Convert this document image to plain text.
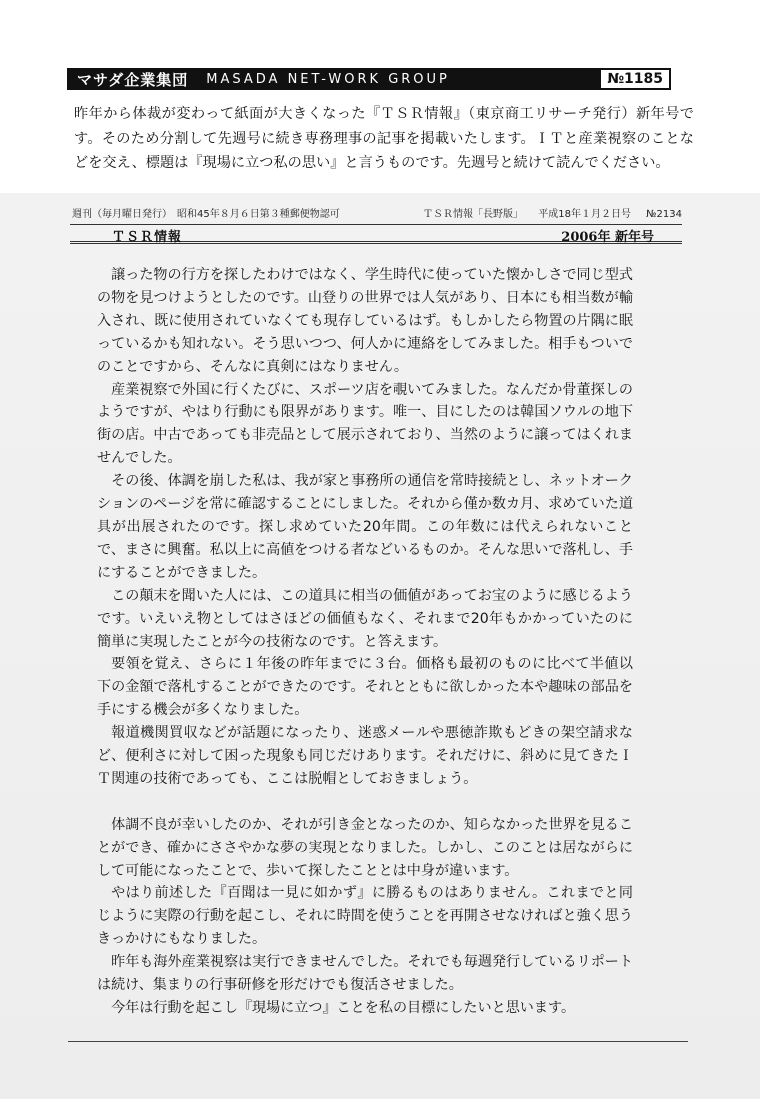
マサダ企業集団	MASADA NET-WORK GROUP	№1185

昨年から体裁が変わって紙面が大きくなった『ＴＳＲ情報』（東京商工リサーチ発行）新年号です。そのため分割して先週号に続き専務理事の記事を掲載いたします。ＩＴと産業視察のことなどを交え、標題は『現場に立つ私の思い』と言うものです。先週号と続けて読んでください。

週刊（毎月曜日発行）　昭和45年８月６日第３種郵便物認可	ＴＳＲ情報「長野版」 平成18年１月２日号 №2134
ＴＳＲ情報	2006年 新年号

譲った物の行方を探したわけではなく、学生時代に使っていた懐かしさで同じ型式の物を見つけようとしたのです。山登りの世界では人気があり、日本にも相当数が輸入され、既に使用されていなくても現存しているはず。もしかしたら物置の片隅に眠っているかも知れない。そう思いつつ、何人かに連絡をしてみました。相手もついでのことですから、そんなに真剣にはなりません。

産業視察で外国に行くたびに、スポーツ店を覗いてみました。なんだか骨董探しのようですが、やはり行動にも限界があります。唯一、目にしたのは韓国ソウルの地下街の店。中古であっても非売品として展示されており、当然のように譲ってはくれませんでした。

その後、体調を崩した私は、我が家と事務所の通信を常時接続とし、ネットオークションのページを常に確認することにしました。それから僅か数カ月、求めていた道具が出展されたのです。探し求めていた20年間。この年数には代えられないことで、まさに興奮。私以上に高値をつける者などいるものか。そんな思いで落札し、手にすることができました。

この顛末を聞いた人には、この道具に相当の価値があってお宝のように感じるようです。いえいえ物としてはさほどの価値もなく、それまで20年もかかっていたのに簡単に実現したことが今の技術なのです。と答えます。

要領を覚え、さらに１年後の昨年までに３台。価格も最初のものに比べて半値以下の金額で落札することができたのです。それとともに欲しかった本や趣味の部品を手にする機会が多くなりました。

報道機関買収などが話題になったり、迷惑メールや悪徳詐欺もどきの架空請求など、便利さに対して困った現象も同じだけあります。それだけに、斜めに見てきたＩＴ関連の技術であっても、ここは脱帽としておきましょう。

体調不良が幸いしたのか、それが引き金となったのか、知らなかった世界を見ることができ、確かにささやかな夢の実現となりました。しかし、このことは居ながらにして可能になったことで、歩いて探したこととは中身が違います。

やはり前述した『百聞は一見に如かず』に勝るものはありません。これまでと同じように実際の行動を起こし、それに時間を使うことを再開させなければと強く思うきっかけにもなりました。

昨年も海外産業視察は実行できませんでした。それでも毎週発行しているリポートは続け、集まりの行事研修を形だけでも復活させました。

今年は行動を起こし『現場に立つ』ことを私の目標にしたいと思います。
